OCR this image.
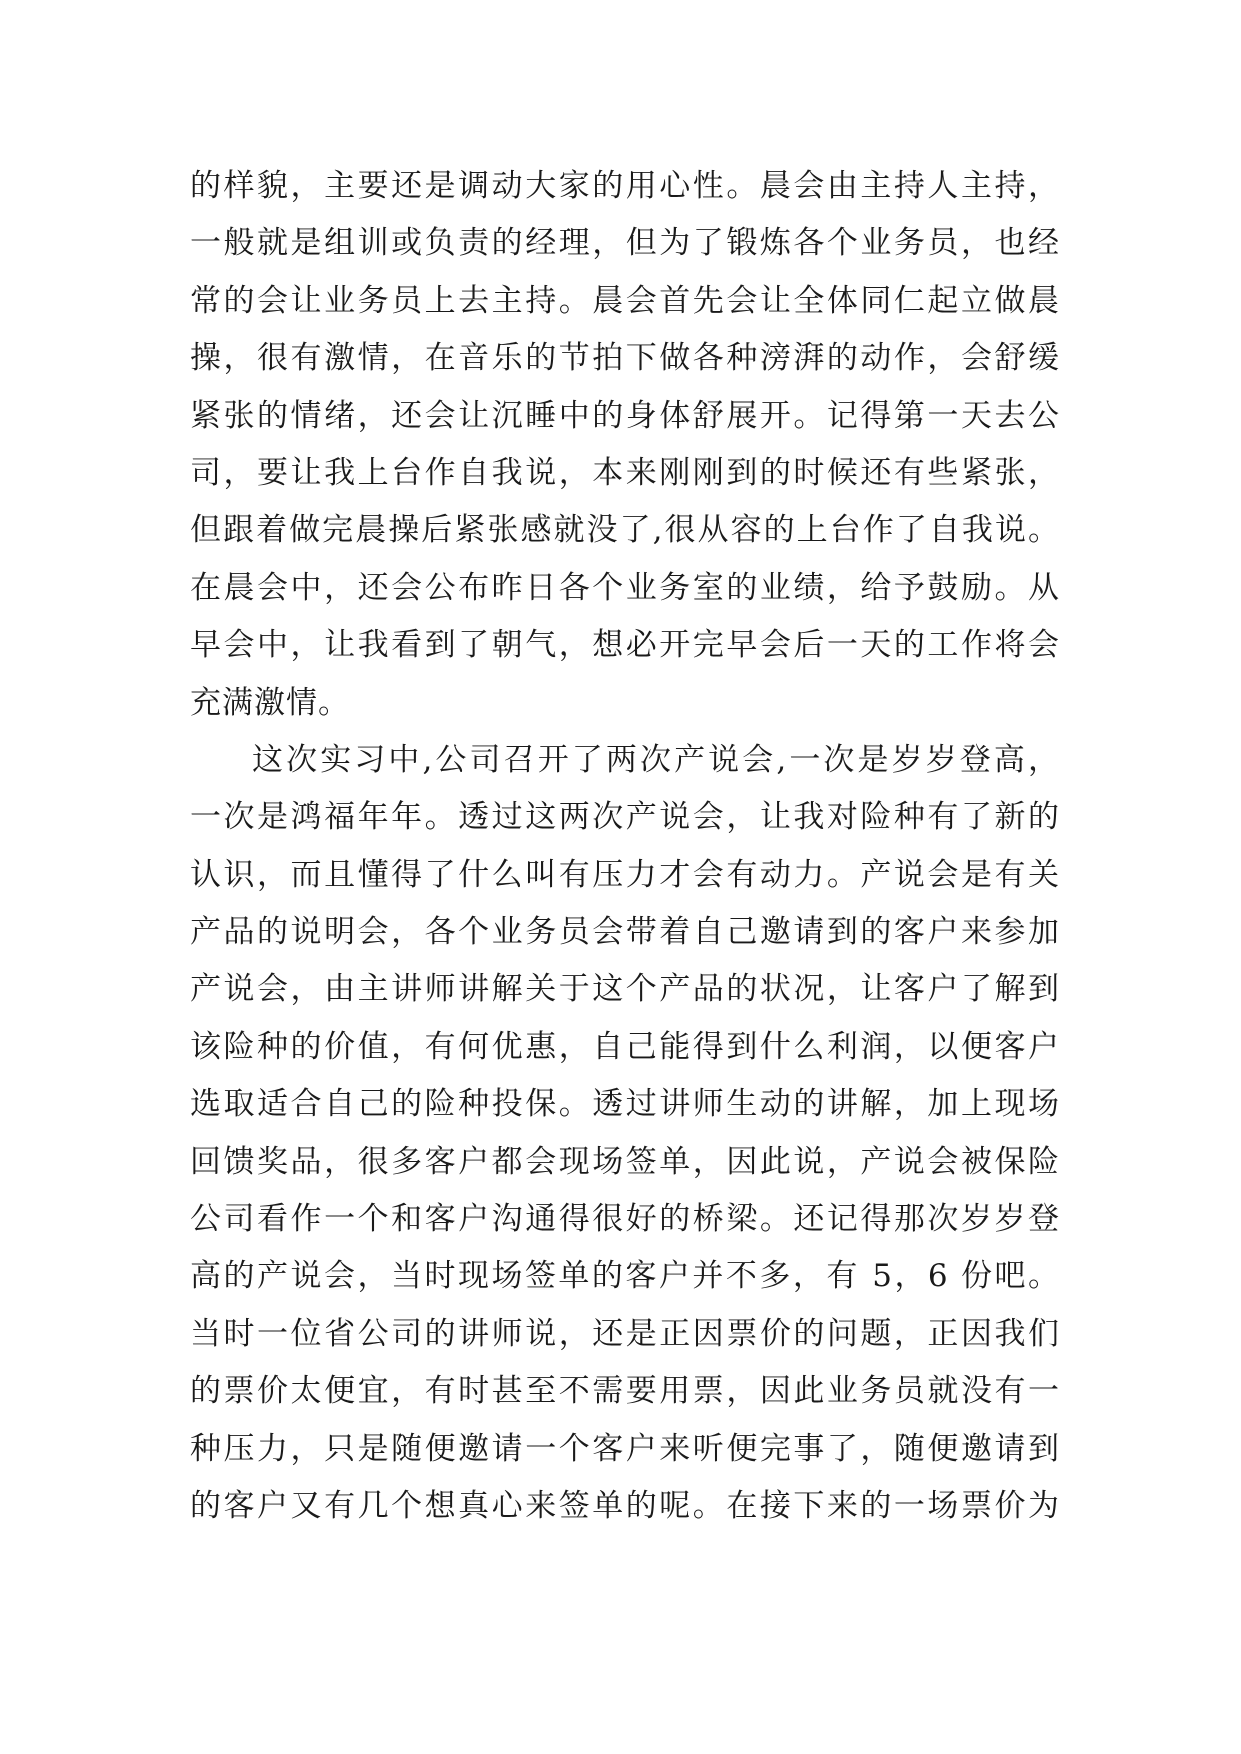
的样貌，主要还是调动大家的用心性。晨会由主持人主持，
一般就是组训或负责的经理，但为了锻炼各个业务员，也经
常的会让业务员上去主持。晨会首先会让全体同仁起立做晨
操，很有激情，在音乐的节拍下做各种滂湃的动作，会舒缓
紧张的情绪，还会让沉睡中的身体舒展开。记得第一天去公
司，要让我上台作自我说，本来刚刚到的时候还有些紧张，
但跟着做完晨操后紧张感就没了,很从容的上台作了自我说。
在晨会中，还会公布昨日各个业务室的业绩，给予鼓励。从
早会中，让我看到了朝气，想必开完早会后一天的工作将会
充满激情。
这次实习中,公司召开了两次产说会,一次是岁岁登高，
一次是鸿福年年。透过这两次产说会，让我对险种有了新的
认识，而且懂得了什么叫有压力才会有动力。产说会是有关
产品的说明会，各个业务员会带着自己邀请到的客户来参加
产说会，由主讲师讲解关于这个产品的状况，让客户了解到
该险种的价值，有何优惠，自己能得到什么利润，以便客户
选取适合自己的险种投保。透过讲师生动的讲解，加上现场
回馈奖品，很多客户都会现场签单，因此说，产说会被保险
公司看作一个和客户沟通得很好的桥梁。还记得那次岁岁登
高的产说会，当时现场签单的客户并不多，有 5，6 份吧。
当时一位省公司的讲师说，还是正因票价的问题，正因我们
的票价太便宜，有时甚至不需要用票，因此业务员就没有一
种压力，只是随便邀请一个客户来听便完事了，随便邀请到
的客户又有几个想真心来签单的呢。在接下来的一场票价为
